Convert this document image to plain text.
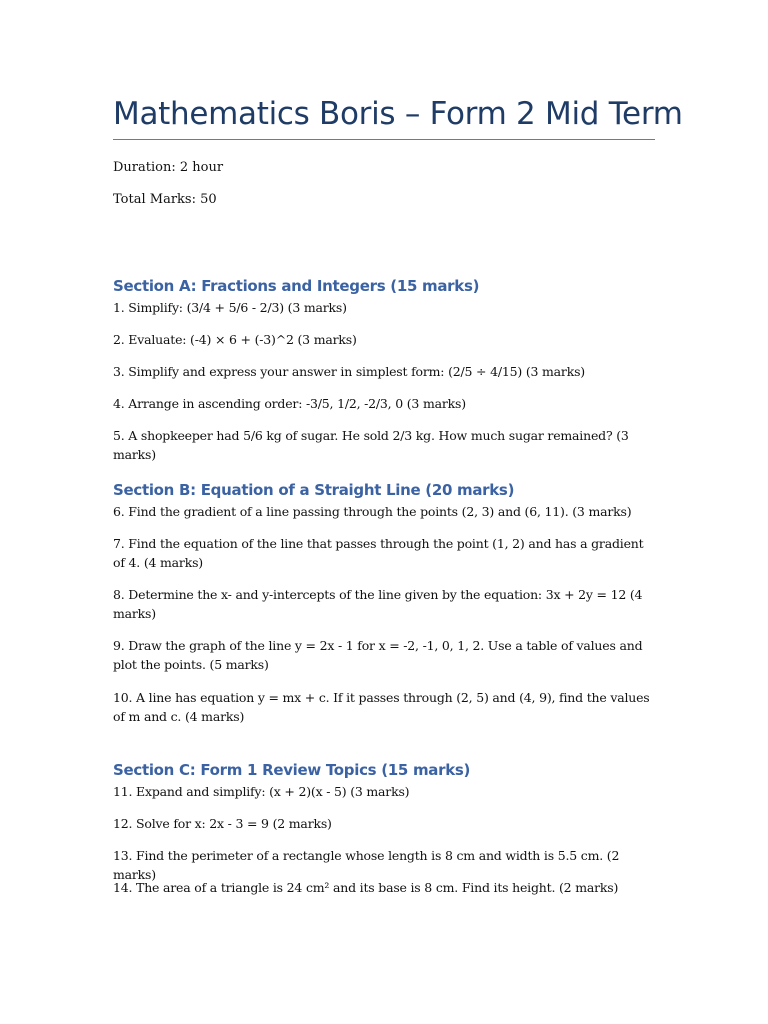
Mathematics Boris – Form 2 Mid Term
Duration: 2 hour
Total Marks: 50
Section A: Fractions and Integers (15 marks)
1. Simplify: (3/4 + 5/6 - 2/3) (3 marks)
2. Evaluate: (-4) × 6 + (-3)^2 (3 marks)
3. Simplify and express your answer in simplest form: (2/5 ÷ 4/15) (3 marks)
4. Arrange in ascending order: -3/5, 1/2, -2/3, 0 (3 marks)
5. A shopkeeper had 5/6 kg of sugar. He sold 2/3 kg. How much sugar remained? (3 marks)
Section B: Equation of a Straight Line (20 marks)
6. Find the gradient of a line passing through the points (2, 3) and (6, 11). (3 marks)
7. Find the equation of the line that passes through the point (1, 2) and has a gradient of 4. (4 marks)
8. Determine the x- and y-intercepts of the line given by the equation: 3x + 2y = 12 (4 marks)
9. Draw the graph of the line y = 2x - 1 for x = -2, -1, 0, 1, 2. Use a table of values and plot the points. (5 marks)
10. A line has equation y = mx + c. If it passes through (2, 5) and (4, 9), find the values of m and c. (4 marks)
Section C: Form 1 Review Topics (15 marks)
11. Expand and simplify: (x + 2)(x - 5) (3 marks)
12. Solve for x: 2x - 3 = 9 (2 marks)
13. Find the perimeter of a rectangle whose length is 8 cm and width is 5.5 cm. (2 marks)
14. The area of a triangle is 24 cm² and its base is 8 cm. Find its height. (2 marks)
